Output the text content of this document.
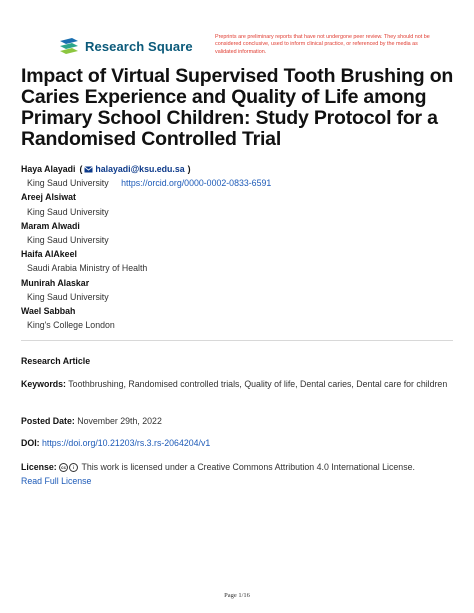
Research Square
Preprints are preliminary reports that have not undergone peer review. They should not be considered conclusive, used to inform clinical practice, or referenced by the media as validated information.
Impact of Virtual Supervised Tooth Brushing on Caries Experience and Quality of Life among Primary School Children: Study Protocol for a Randomised Controlled Trial
Haya Alayadi ( halayadi@ksu.edu.sa )
King Saud University https://orcid.org/0000-0002-0833-6591
Areej Alsiwat
King Saud University
Maram Alwadi
King Saud University
Haifa AlAkeel
Saudi Arabia Ministry of Health
Munirah Alaskar
King Saud University
Wael Sabbah
King's College London
Research Article
Keywords: Toothbrushing, Randomised controlled trials, Quality of life, Dental caries, Dental care for children
Posted Date: November 29th, 2022
DOI: https://doi.org/10.21203/rs.3.rs-2064204/v1
License: cc i This work is licensed under a Creative Commons Attribution 4.0 International License.
Read Full License
Page 1/16
